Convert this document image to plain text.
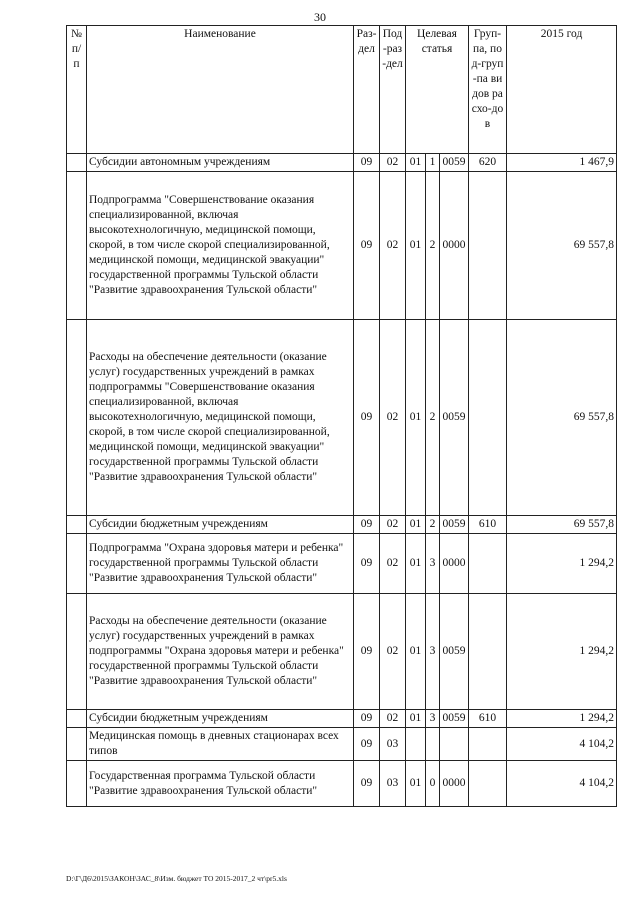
30
№ п/п	Наименование	Раз-дел	Под-раз-дел	Целевая статья			Груп-па, под-груп-па видов расхо-дов	2015 год
	Субсидии автономным учреждениям	09	02	01	1	0059	620	1 467,9
	Подпрограмма "Совершенствование оказания специализированной, включая высокотехнологичную, медицинской помощи, скорой, в том числе скорой специализированной, медицинской помощи, медицинской эвакуации" государственной программы Тульской области "Развитие здравоохранения Тульской области"	09	02	01	2	0000		69 557,8
	Расходы на обеспечение деятельности (оказание услуг) государственных учреждений в рамках подпрограммы "Совершенствование оказания специализированной, включая высокотехнологичную, медицинской помощи, скорой, в том числе скорой специализированной, медицинской помощи, медицинской эвакуации" государственной программы Тульской области "Развитие здравоохранения Тульской области"	09	02	01	2	0059		69 557,8
	Субсидии бюджетным учреждениям	09	02	01	2	0059	610	69 557,8
	Подпрограмма "Охрана здоровья матери и ребенка" государственной программы Тульской области "Развитие здравоохранения Тульской области"	09	02	01	3	0000		1 294,2
	Расходы на обеспечение деятельности (оказание услуг) государственных учреждений в рамках подпрограммы "Охрана здоровья матери и ребенка" государственной программы Тульской области "Развитие здравоохранения Тульской области"	09	02	01	3	0059		1 294,2
	Субсидии бюджетным учреждениям	09	02	01	3	0059	610	1 294,2
	Медицинская помощь в дневных стационарах всех типов	09	03					4 104,2
	Государственная программа Тульской области "Развитие здравоохранения Тульской области"	09	03	01	0	0000		4 104,2
D:\Г\Д6\2015\ЗАКОН\ЗАС_8\Изм. бюджет ТО 2015-2017_2 чт\pr5.xls
